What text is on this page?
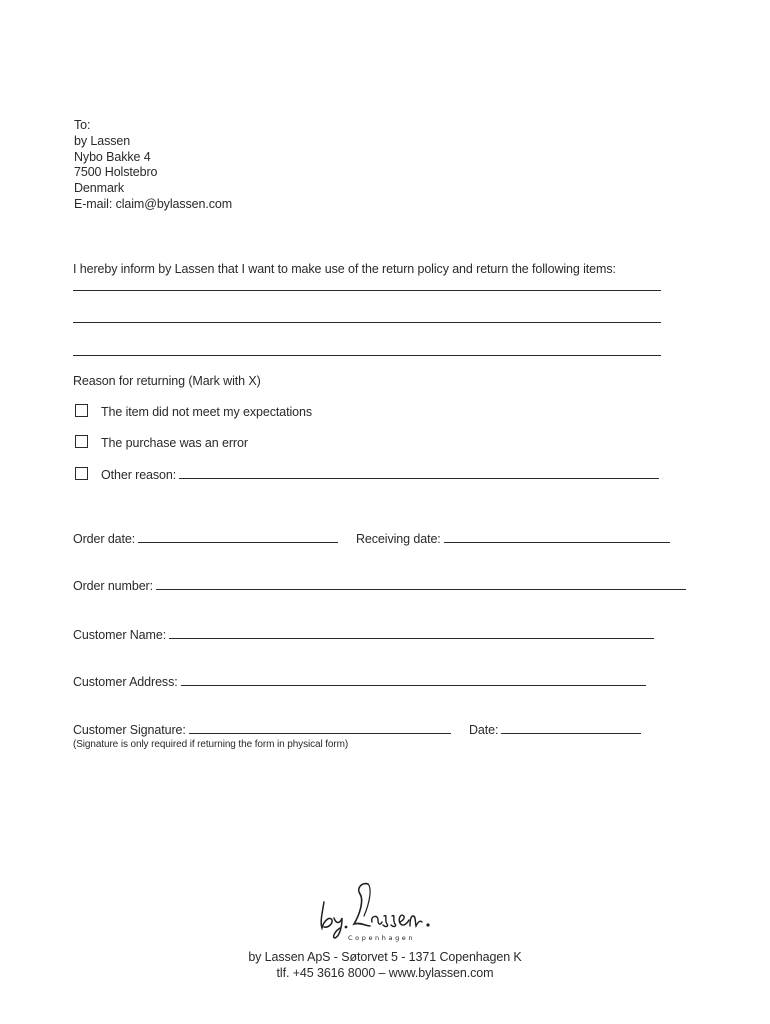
To:
by Lassen
Nybo Bakke 4
7500 Holstebro
Denmark
E-mail: claim@bylassen.com
I hereby inform by Lassen that I want to make use of the return policy and return the following items:
Reason for returning (Mark with X)
The item did not meet my expectations
The purchase was an error
Other reason:
Order date:	Receiving date:
Order number:
Customer Name:
Customer Address:
Customer Signature:	Date:
(Signature is only required if returning the form in physical form)
Copenhagen
by Lassen ApS - Søtorvet 5 - 1371 Copenhagen K
tlf. +45 3616 8000 – www.bylassen.com
